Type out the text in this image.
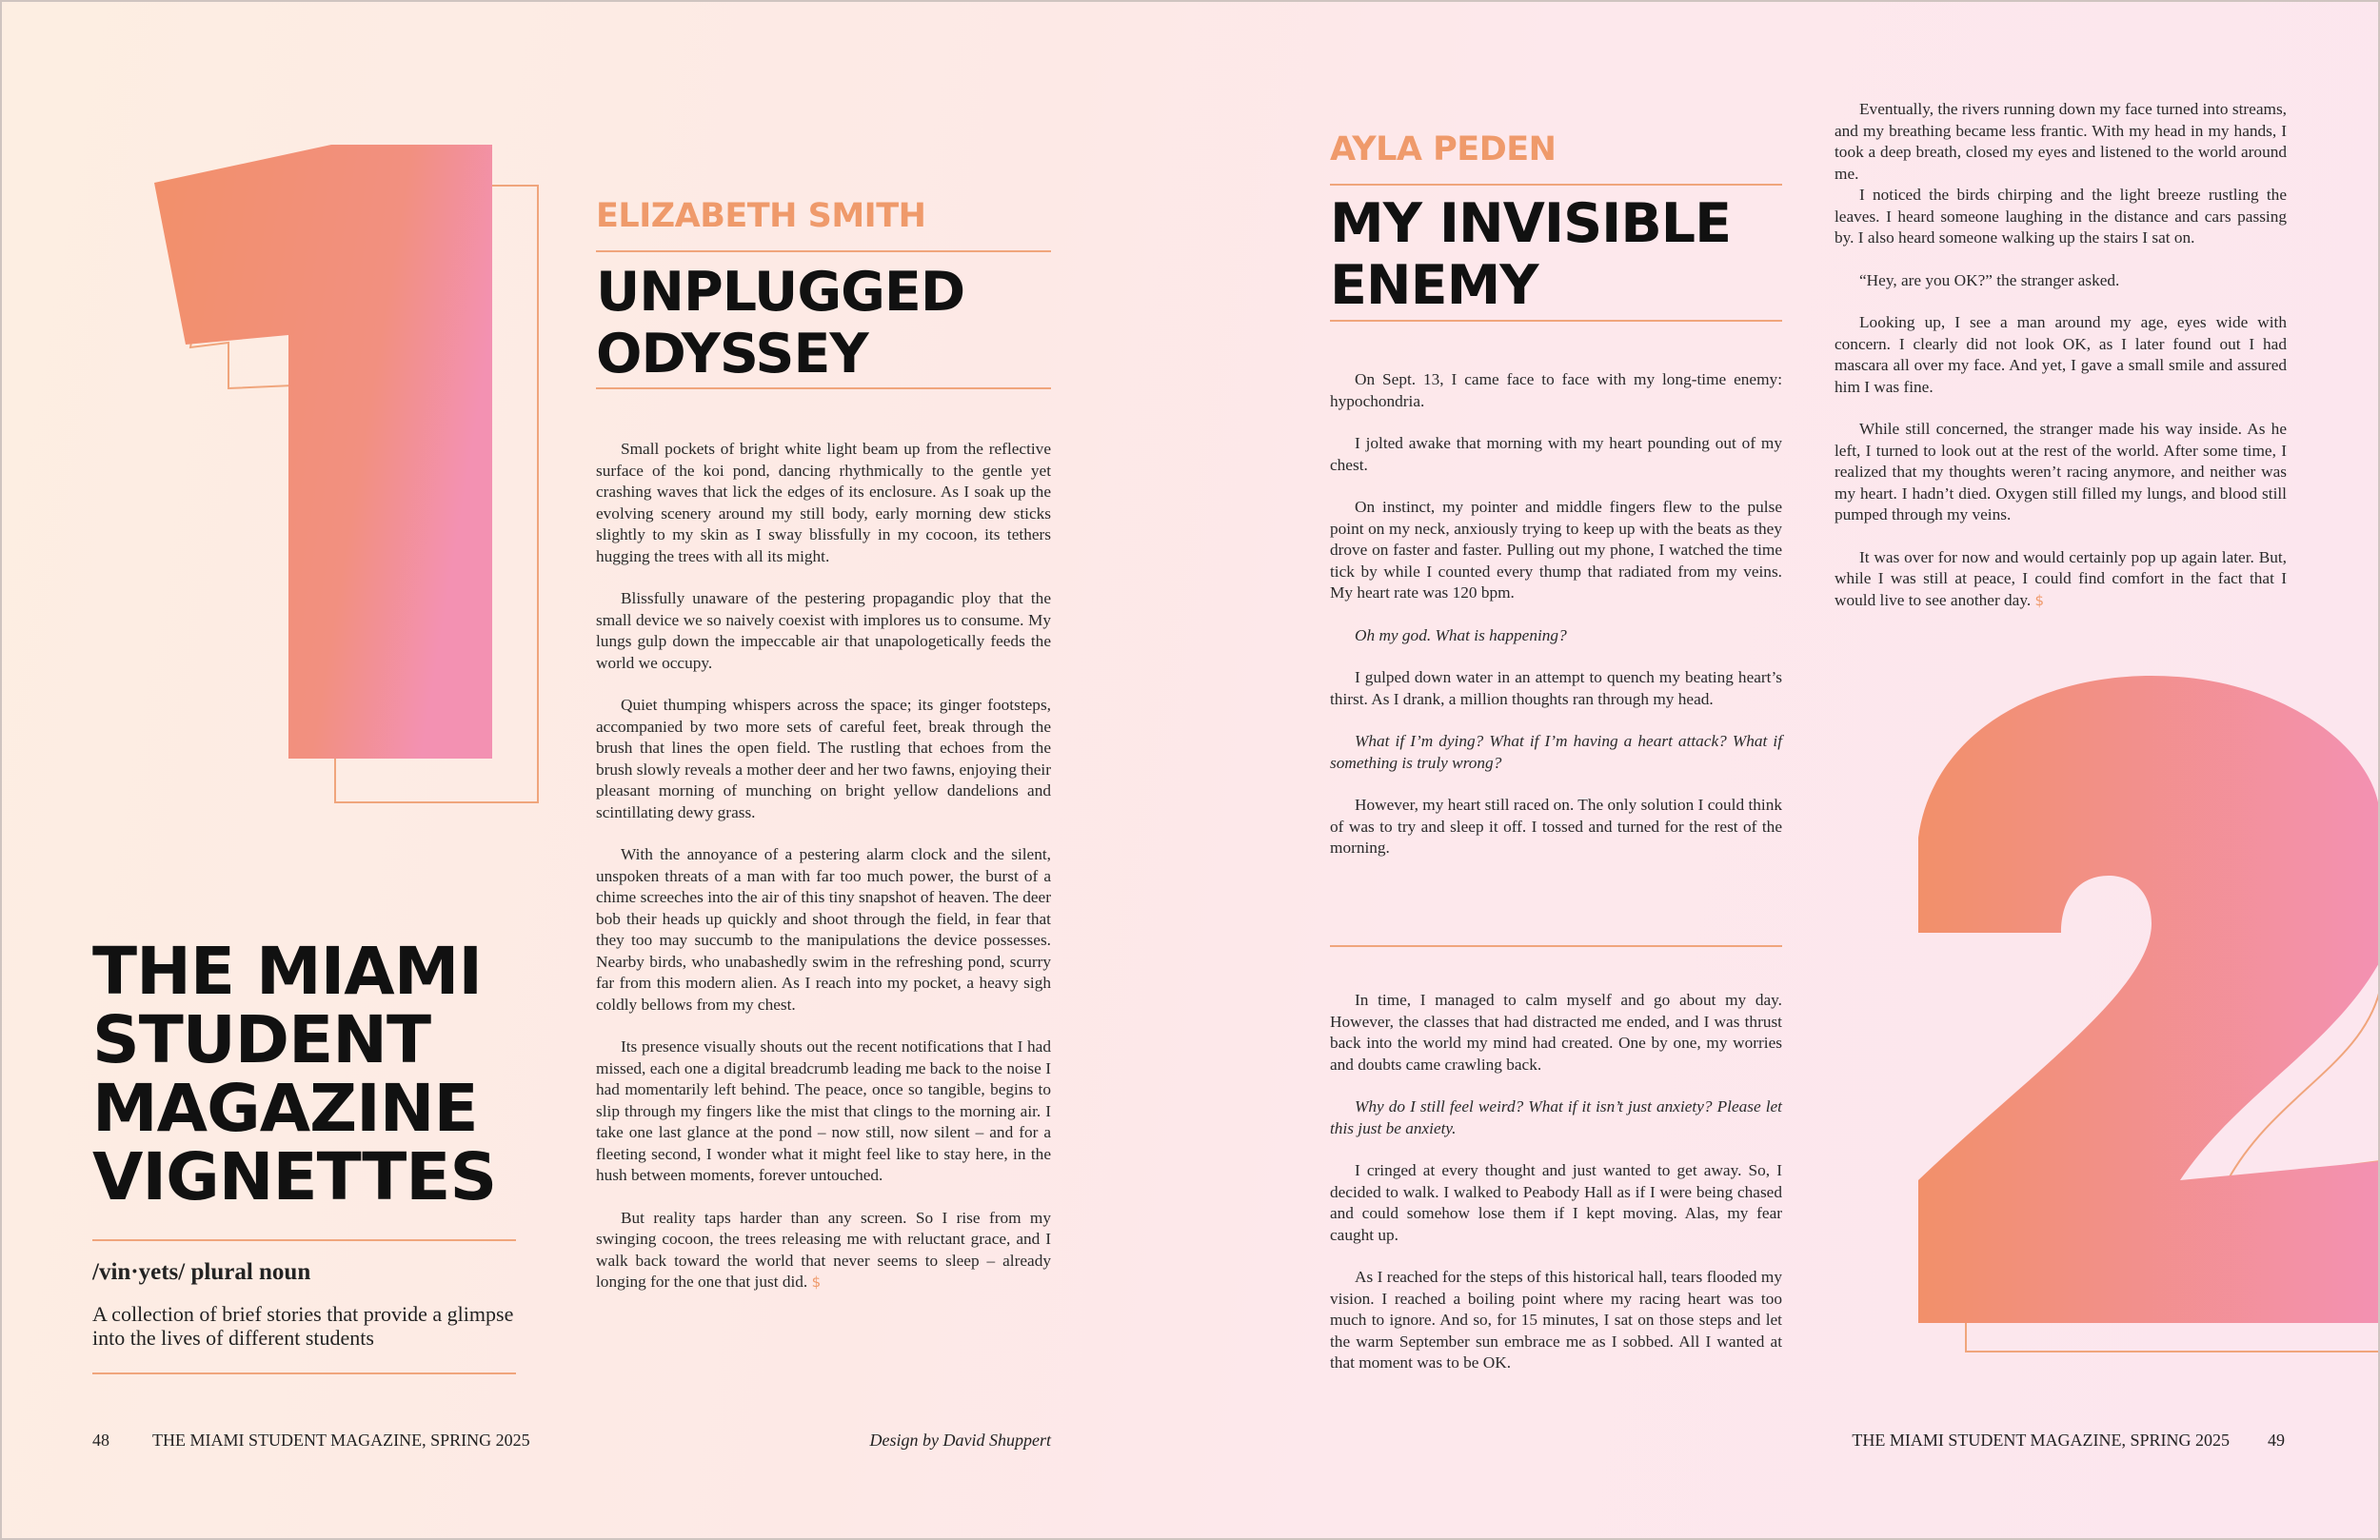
THE MIAMI STUDENT MAGAZINE VIGNETTES
/vin·yets/ plural noun
A collection of brief stories that provide a glimpse into the lives of different students
ELIZABETH SMITH
UNPLUGGED
ODYSSEY

Small pockets of bright white light beam up from the reflective surface of the koi pond, dancing rhythmically to the gentle yet crashing waves that lick the edges of its enclosure. As I soak up the evolving scenery around my still body, early morning dew sticks slightly to my skin as I sway blissfully in my cocoon, its tethers hugging the trees with all its might.

Blissfully unaware of the pestering propagandic ploy that the small device we so naively coexist with implores us to consume. My lungs gulp down the impeccable air that unapologetically feeds the world we occupy.

Quiet thumping whispers across the space; its ginger footsteps, accompanied by two more sets of careful feet, break through the brush that lines the open field. The rustling that echoes from the brush slowly reveals a mother deer and her two fawns, enjoying their pleasant morning of munching on bright yellow dandelions and scintillating dewy grass.

With the annoyance of a pestering alarm clock and the silent, unspoken threats of a man with far too much power, the burst of a chime screeches into the air of this tiny snapshot of heaven. The deer bob their heads up quickly and shoot through the field, in fear that they too may succumb to the manipulations the device possesses. Nearby birds, who unabashedly swim in the refreshing pond, scurry far from this modern alien. As I reach into my pocket, a heavy sigh coldly bellows from my chest.

Its presence visually shouts out the recent notifications that I had missed, each one a digital breadcrumb leading me back to the noise I had momentarily left behind. The peace, once so tangible, begins to slip through my fingers like the mist that clings to the morning air. I take one last glance at the pond – now still, now silent – and for a fleeting second, I wonder what it might feel like to stay here, in the hush between moments, forever untouched.

But reality taps harder than any screen. So I rise from my swinging cocoon, the trees releasing me with reluctant grace, and I walk back toward the world that never seems to sleep – already longing for the one that just did. $

AYLA PEDEN
MY INVISIBLE
ENEMY

On Sept. 13, I came face to face with my long-time enemy: hypochondria.

I jolted awake that morning with my heart pounding out of my chest.

On instinct, my pointer and middle fingers flew to the pulse point on my neck, anxiously trying to keep up with the beats as they drove on faster and faster. Pulling out my phone, I watched the time tick by while I counted every thump that radiated from my veins. My heart rate was 120 bpm.

Oh my god. What is happening?

I gulped down water in an attempt to quench my beating heart’s thirst. As I drank, a million thoughts ran through my head.

What if I’m dying? What if I’m having a heart attack? What if something is truly wrong?

However, my heart still raced on. The only solution I could think of was to try and sleep it off. I tossed and turned for the rest of the morning.

In time, I managed to calm myself and go about my day. However, the classes that had distracted me ended, and I was thrust back into the world my mind had created. One by one, my worries and doubts came crawling back.

Why do I still feel weird? What if it isn’t just anxiety? Please let this just be anxiety.

I cringed at every thought and just wanted to get away. So, I decided to walk. I walked to Peabody Hall as if I were being chased and could somehow lose them if I kept moving. Alas, my fear caught up.

As I reached for the steps of this historical hall, tears flooded my vision. I reached a boiling point where my racing heart was too much to ignore. And so, for 15 minutes, I sat on those steps and let the warm September sun embrace me as I sobbed. All I wanted at that moment was to be OK.

Eventually, the rivers running down my face turned into streams, and my breathing became less frantic. With my head in my hands, I took a deep breath, closed my eyes and listened to the world around me.

I noticed the birds chirping and the light breeze rustling the leaves. I heard someone laughing in the distance and cars passing by. I also heard someone walking up the stairs I sat on.

“Hey, are you OK?” the stranger asked.

Looking up, I see a man around my age, eyes wide with concern. I clearly did not look OK, as I later found out I had mascara all over my face. And yet, I gave a small smile and assured him I was fine.

While still concerned, the stranger made his way inside. As he left, I turned to look out at the rest of the world. After some time, I realized that my thoughts weren’t racing anymore, and neither was my heart. I hadn’t died. Oxygen still filled my lungs, and blood still pumped through my veins.

It was over for now and would certainly pop up again later. But, while I was still at peace, I could find comfort in the fact that I would live to see another day. $

48	THE MIAMI STUDENT MAGAZINE, SPRING 2025	Design by David Shuppert	THE MIAMI STUDENT MAGAZINE, SPRING 2025 49
